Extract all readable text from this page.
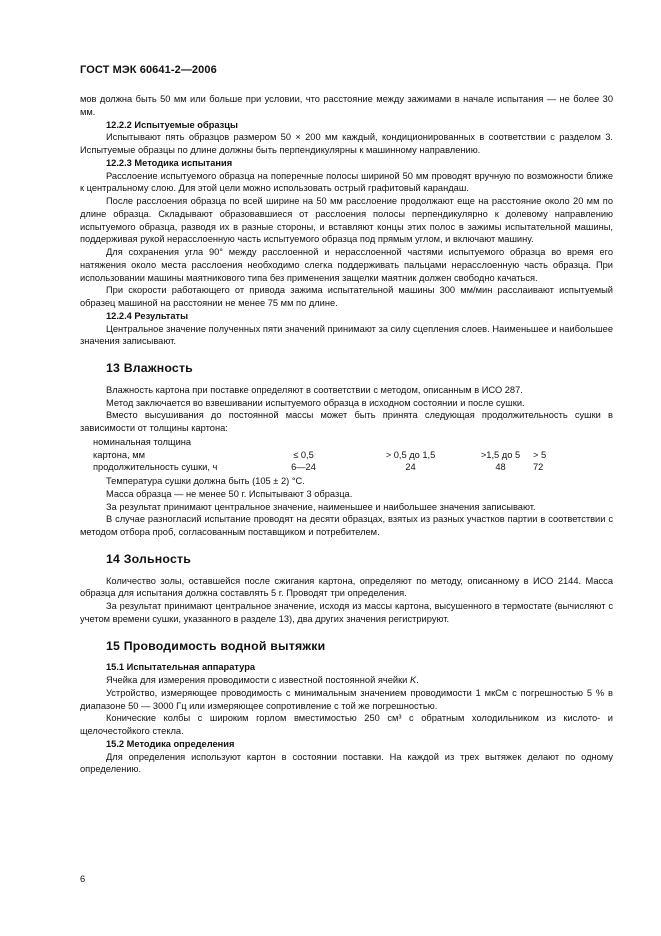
ГОСТ МЭК 60641-2—2006

мов должна быть 50 мм или больше при условии, что расстояние между зажимами в начале испытания — не более 30 мм.

12.2.2 Испытуемые образцы

Испытывают пять образцов размером 50 × 200 мм каждый, кондиционированных в соответствии с разделом 3. Испытуемые образцы по длине должны быть перпендикулярны к машинному направлению.

12.2.3 Методика испытания

Расслоение испытуемого образца на поперечные полосы шириной 50 мм проводят вручную по возможности ближе к центральному слою. Для этой цели можно использовать острый графитовый карандаш.

После расслоения образца по всей ширине на 50 мм расслоение продолжают еще на расстояние около 20 мм по длине образца. Складывают образовавшиеся от расслоения полосы перпендикулярно к долевому направлению испытуемого образца, разводя их в разные стороны, и вставляют концы этих полос в зажимы испытательной машины, поддерживая рукой нерасслоенную часть испытуемого образца под прямым углом, и включают машину.

Для сохранения угла 90° между расслоенной и нерасслоенной частями испытуемого образца во время его натяжения около места расслоения необходимо слегка поддерживать пальцами нерасслоенную часть образца. При использовании машины маятникового типа без применения защелки маятник должен свободно качаться.

При скорости работающего от привода зажима испытательной машины 300 мм/мин расслаивают испытуемый образец машиной на расстоянии не менее 75 мм по длине.

12.2.4 Результаты

Центральное значение полученных пяти значений принимают за силу сцепления слоев. Наименьшее и наибольшее значения записывают.

13 Влажность

Влажность картона при поставке определяют в соответствии с методом, описанным в ИСО 287.

Метод заключается во взвешивании испытуемого образца в исходном состоянии и после сушки.

Вместо высушивания до постоянной массы может быть принята следующая продолжительность сушки в зависимости от толщины картона:

номинальная толщина				
картона, мм	≤ 0,5	> 0,5 до 1,5	>1,5 до 5	> 5
продолжительность сушки, ч	6—24	24	48	72

Температура сушки должна быть (105 ± 2) °С.

Масса образца — не менее 50 г. Испытывают 3 образца.

За результат принимают центральное значение, наименьшее и наибольшее значения записывают.

В случае разногласий испытание проводят на десяти образцах, взятых из разных участков партии в соответствии с методом отбора проб, согласованным поставщиком и потребителем.

14 Зольность

Количество золы, оставшейся после сжигания картона, определяют по методу, описанному в ИСО 2144. Масса образца для испытания должна составлять 5 г. Проводят три определения.

За результат принимают центральное значение, исходя из массы картона, высушенного в термостате (вычисляют с учетом времени сушки, указанного в разделе 13), два других значения регистрируют.

15 Проводимость водной вытяжки

15.1 Испытательная аппаратура

Ячейка для измерения проводимости с известной постоянной ячейки K.

Устройство, измеряющее проводимость с минимальным значением проводимости 1 мкСм с погрешностью 5 % в диапазоне 50 — 3000 Гц или измеряющее сопротивление с той же погрешностью.

Конические колбы с широким горлом вместимостью 250 см³ с обратным холодильником из кислото- и щелочестойкого стекла.

15.2 Методика определения

Для определения используют картон в состоянии поставки. На каждой из трех вытяжек делают по одному определению.

6
